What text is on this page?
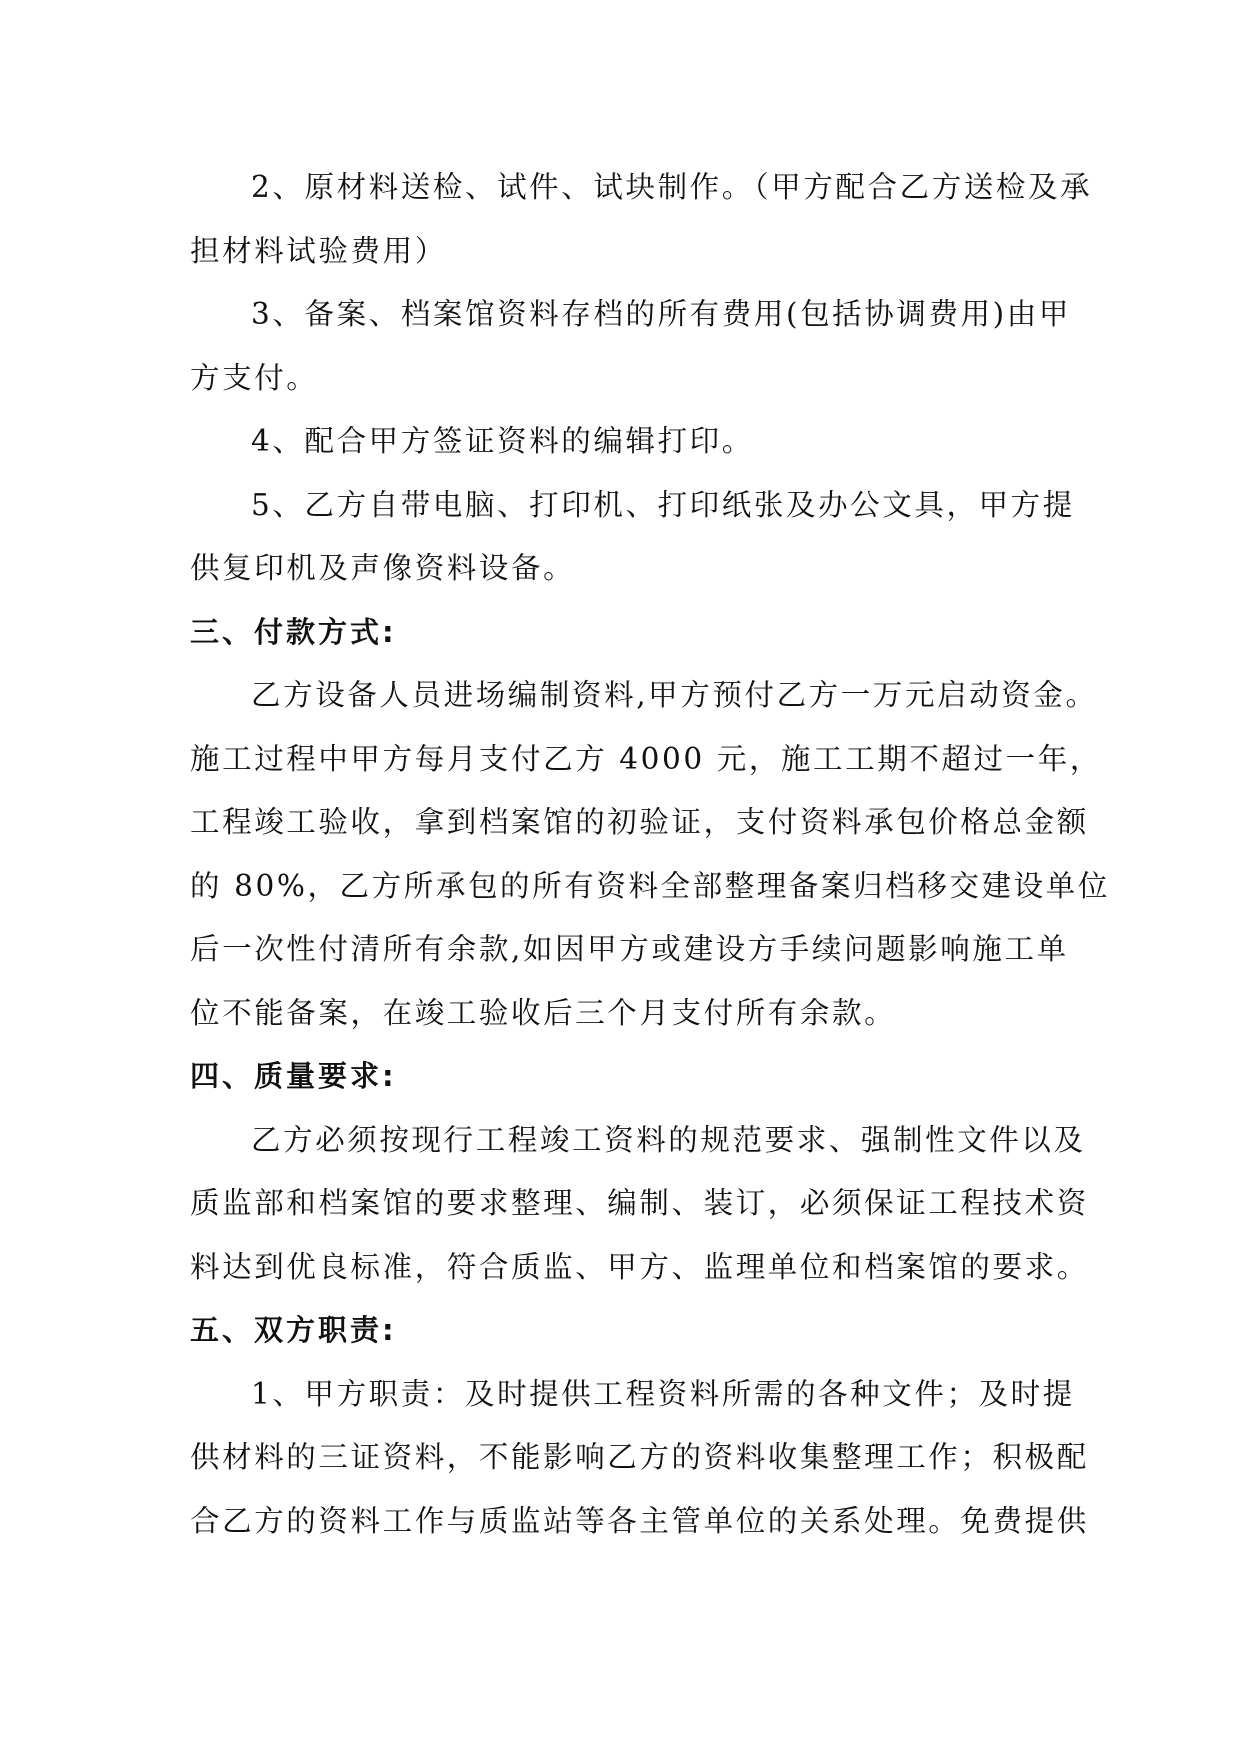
2、原材料送检、试件、试块制作。（甲方配合乙方送检及承
担材料试验费用）
3、备案、档案馆资料存档的所有费用(包括协调费用)由甲
方支付。
4、配合甲方签证资料的编辑打印。
5、乙方自带电脑、打印机、打印纸张及办公文具，甲方提
供复印机及声像资料设备。
三、付款方式:
乙方设备人员进场编制资料,甲方预付乙方一万元启动资金。
施工过程中甲方每月支付乙方 4000 元，施工工期不超过一年，
工程竣工验收，拿到档案馆的初验证，支付资料承包价格总金额
的 80%，乙方所承包的所有资料全部整理备案归档移交建设单位
后一次性付清所有余款,如因甲方或建设方手续问题影响施工单
位不能备案，在竣工验收后三个月支付所有余款。
四、质量要求:
乙方必须按现行工程竣工资料的规范要求、强制性文件以及
质监部和档案馆的要求整理、编制、装订，必须保证工程技术资
料达到优良标准，符合质监、甲方、监理单位和档案馆的要求。
五、双方职责:
1、甲方职责：及时提供工程资料所需的各种文件；及时提
供材料的三证资料，不能影响乙方的资料收集整理工作；积极配
合乙方的资料工作与质监站等各主管单位的关系处理。免费提供
